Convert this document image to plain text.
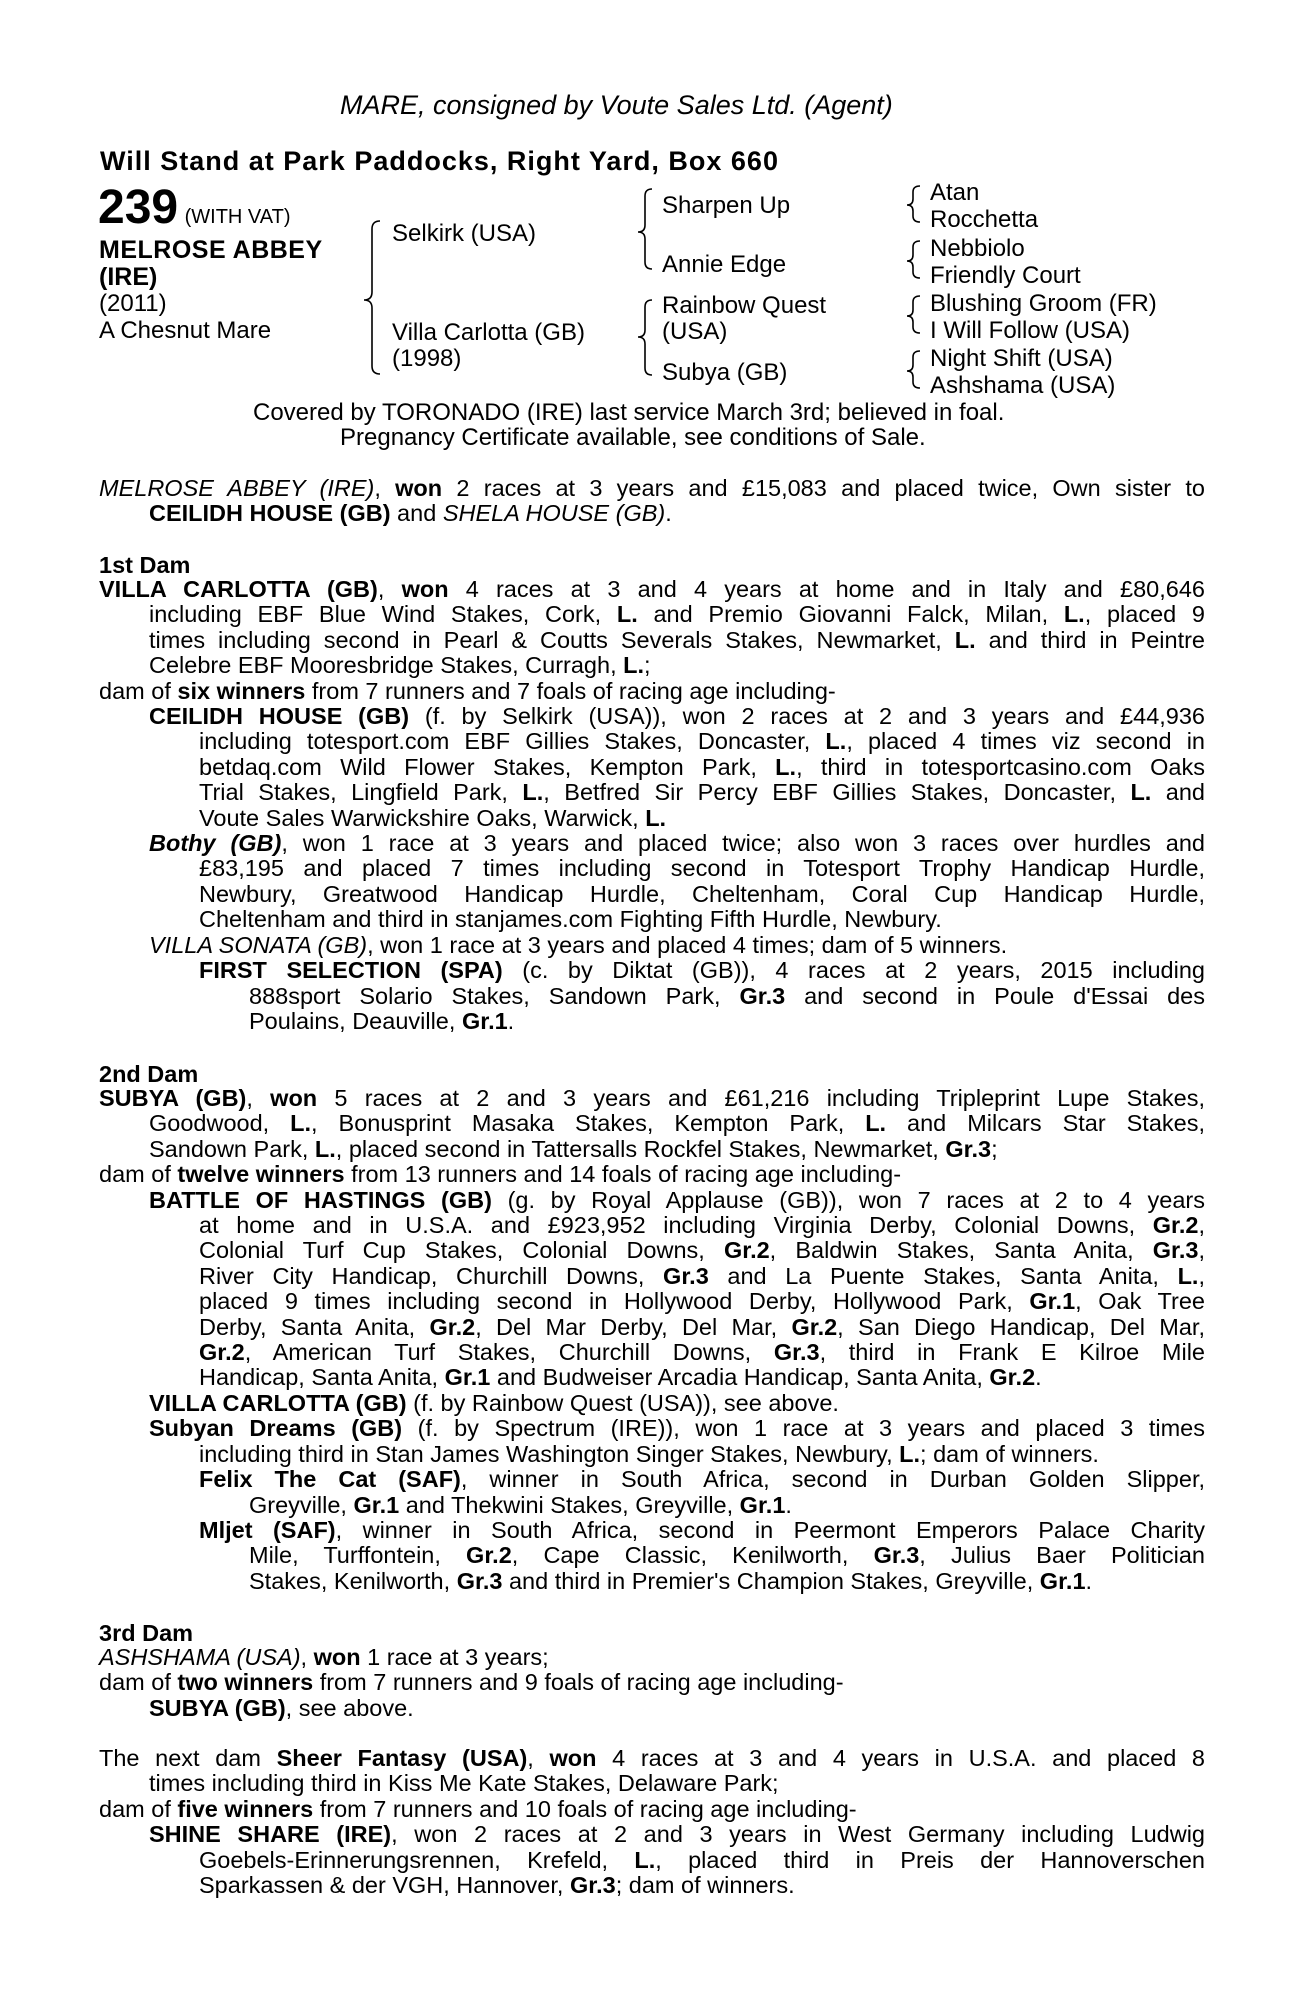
MARE, consigned by Voute Sales Ltd. (Agent)
Will Stand at Park Paddocks, Right Yard, Box 660
239 (WITH VAT)
MELROSE ABBEY
(IRE)
(2011)
A Chesnut Mare
Selkirk (USA)
Villa Carlotta (GB)
(1998)
Sharpen Up
Annie Edge
Rainbow Quest
(USA)
Subya (GB)
Atan
Rocchetta
Nebbiolo
Friendly Court
Blushing Groom (FR)
I Will Follow (USA)
Night Shift (USA)
Ashshama (USA)
Covered by TORONADO (IRE) last service March 3rd; believed in foal.
Pregnancy Certificate available, see conditions of Sale.
MELROSE ABBEY (IRE), won 2 races at 3 years and £15,083 and placed twice, Own sister to
CEILIDH HOUSE (GB) and SHELA HOUSE (GB).
1st Dam
VILLA CARLOTTA (GB), won 4 races at 3 and 4 years at home and in Italy and £80,646
including EBF Blue Wind Stakes, Cork, L. and Premio Giovanni Falck, Milan, L., placed 9
times including second in Pearl & Coutts Severals Stakes, Newmarket, L. and third in Peintre
Celebre EBF Mooresbridge Stakes, Curragh, L.;
dam of six winners from 7 runners and 7 foals of racing age including-
CEILIDH HOUSE (GB) (f. by Selkirk (USA)), won 2 races at 2 and 3 years and £44,936
including totesport.com EBF Gillies Stakes, Doncaster, L., placed 4 times viz second in
betdaq.com Wild Flower Stakes, Kempton Park, L., third in totesportcasino.com Oaks
Trial Stakes, Lingfield Park, L., Betfred Sir Percy EBF Gillies Stakes, Doncaster, L. and
Voute Sales Warwickshire Oaks, Warwick, L.
Bothy (GB), won 1 race at 3 years and placed twice; also won 3 races over hurdles and
£83,195 and placed 7 times including second in Totesport Trophy Handicap Hurdle,
Newbury, Greatwood Handicap Hurdle, Cheltenham, Coral Cup Handicap Hurdle,
Cheltenham and third in stanjames.com Fighting Fifth Hurdle, Newbury.
VILLA SONATA (GB), won 1 race at 3 years and placed 4 times; dam of 5 winners.
FIRST SELECTION (SPA) (c. by Diktat (GB)), 4 races at 2 years, 2015 including
888sport Solario Stakes, Sandown Park, Gr.3 and second in Poule d'Essai des
Poulains, Deauville, Gr.1.
2nd Dam
SUBYA (GB), won 5 races at 2 and 3 years and £61,216 including Tripleprint Lupe Stakes,
Goodwood, L., Bonusprint Masaka Stakes, Kempton Park, L. and Milcars Star Stakes,
Sandown Park, L., placed second in Tattersalls Rockfel Stakes, Newmarket, Gr.3;
dam of twelve winners from 13 runners and 14 foals of racing age including-
BATTLE OF HASTINGS (GB) (g. by Royal Applause (GB)), won 7 races at 2 to 4 years
at home and in U.S.A. and £923,952 including Virginia Derby, Colonial Downs, Gr.2,
Colonial Turf Cup Stakes, Colonial Downs, Gr.2, Baldwin Stakes, Santa Anita, Gr.3,
River City Handicap, Churchill Downs, Gr.3 and La Puente Stakes, Santa Anita, L.,
placed 9 times including second in Hollywood Derby, Hollywood Park, Gr.1, Oak Tree
Derby, Santa Anita, Gr.2, Del Mar Derby, Del Mar, Gr.2, San Diego Handicap, Del Mar,
Gr.2, American Turf Stakes, Churchill Downs, Gr.3, third in Frank E Kilroe Mile
Handicap, Santa Anita, Gr.1 and Budweiser Arcadia Handicap, Santa Anita, Gr.2.
VILLA CARLOTTA (GB) (f. by Rainbow Quest (USA)), see above.
Subyan Dreams (GB) (f. by Spectrum (IRE)), won 1 race at 3 years and placed 3 times
including third in Stan James Washington Singer Stakes, Newbury, L.; dam of winners.
Felix The Cat (SAF), winner in South Africa, second in Durban Golden Slipper,
Greyville, Gr.1 and Thekwini Stakes, Greyville, Gr.1.
Mljet (SAF), winner in South Africa, second in Peermont Emperors Palace Charity
Mile, Turffontein, Gr.2, Cape Classic, Kenilworth, Gr.3, Julius Baer Politician
Stakes, Kenilworth, Gr.3 and third in Premier's Champion Stakes, Greyville, Gr.1.
3rd Dam
ASHSHAMA (USA), won 1 race at 3 years;
dam of two winners from 7 runners and 9 foals of racing age including-
SUBYA (GB), see above.
The next dam Sheer Fantasy (USA), won 4 races at 3 and 4 years in U.S.A. and placed 8
times including third in Kiss Me Kate Stakes, Delaware Park;
dam of five winners from 7 runners and 10 foals of racing age including-
SHINE SHARE (IRE), won 2 races at 2 and 3 years in West Germany including Ludwig
Goebels-Erinnerungsrennen, Krefeld, L., placed third in Preis der Hannoverschen
Sparkassen & der VGH, Hannover, Gr.3; dam of winners.
